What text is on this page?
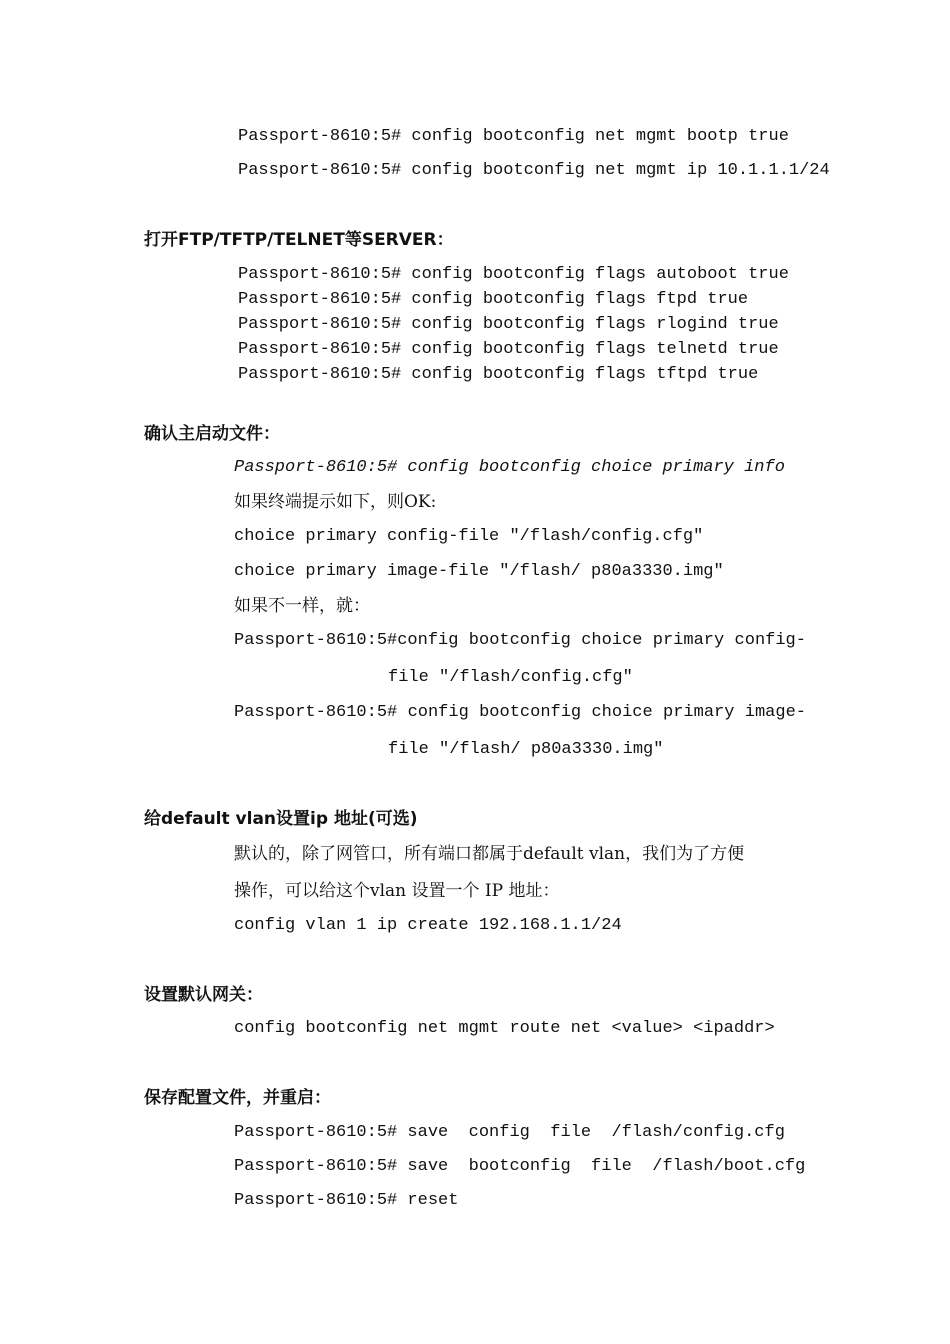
Passport-8610:5# config bootconfig net mgmt bootp true
Passport-8610:5# config bootconfig net mgmt ip 10.1.1.1/24
打开FTP/TFTP/TELNET等SERVER：
Passport-8610:5# config bootconfig flags autoboot true
Passport-8610:5# config bootconfig flags ftpd true
Passport-8610:5# config bootconfig flags rlogind true
Passport-8610:5# config bootconfig flags telnetd true
Passport-8610:5# config bootconfig flags tftpd true
确认主启动文件：
Passport-8610:5# config bootconfig choice primary info
如果终端提示如下，则OK:
choice primary config-file "/flash/config.cfg"
choice primary image-file "/flash/ p80a3330.img"
如果不一样，就：
Passport-8610:5#config bootconfig choice primary config-
file "/flash/config.cfg"
Passport-8610:5# config bootconfig choice primary image-
file "/flash/ p80a3330.img"
给default vlan设置ip 地址(可选)
默认的，除了网管口，所有端口都属于default vlan，我们为了方便
操作，可以给这个vlan 设置一个 IP 地址：
config vlan 1 ip create 192.168.1.1/24
设置默认网关：
config bootconfig net mgmt route net <value> <ipaddr>
保存配置文件，并重启：
Passport-8610:5# save  config  file  /flash/config.cfg
Passport-8610:5# save  bootconfig  file  /flash/boot.cfg
Passport-8610:5# reset
